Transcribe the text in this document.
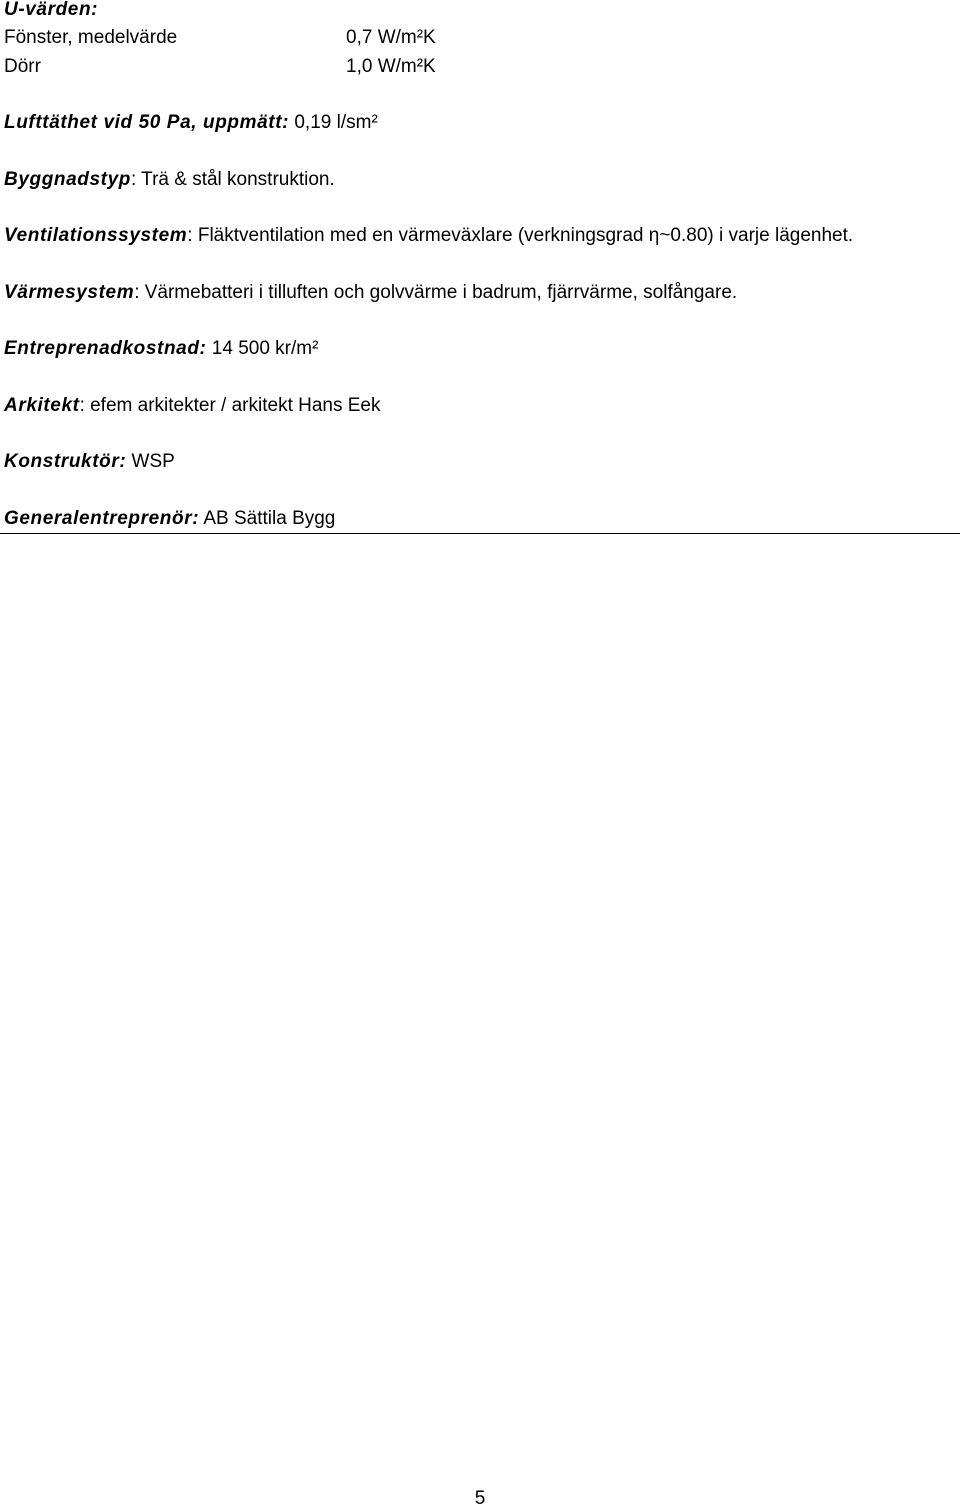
U-värden:
Fönster, medelvärde	0,7 W/m²K
Dörr	1,0 W/m²K
Lufttäthet vid 50 Pa, uppmätt: 0,19 l/sm²
Byggnadstyp: Trä & stål konstruktion.
Ventilationssystem: Fläktventilation med en värmeväxlare (verkningsgrad η~0.80) i varje lägenhet.
Värmesystem: Värmebatteri i tilluften och golvvärme i badrum, fjärrvärme, solfångare.
Entreprenadkostnad: 14 500 kr/m²
Arkitekt: efem arkitekter / arkitekt Hans Eek
Konstruktör: WSP
Generalentreprenör: AB Sättila Bygg
5
